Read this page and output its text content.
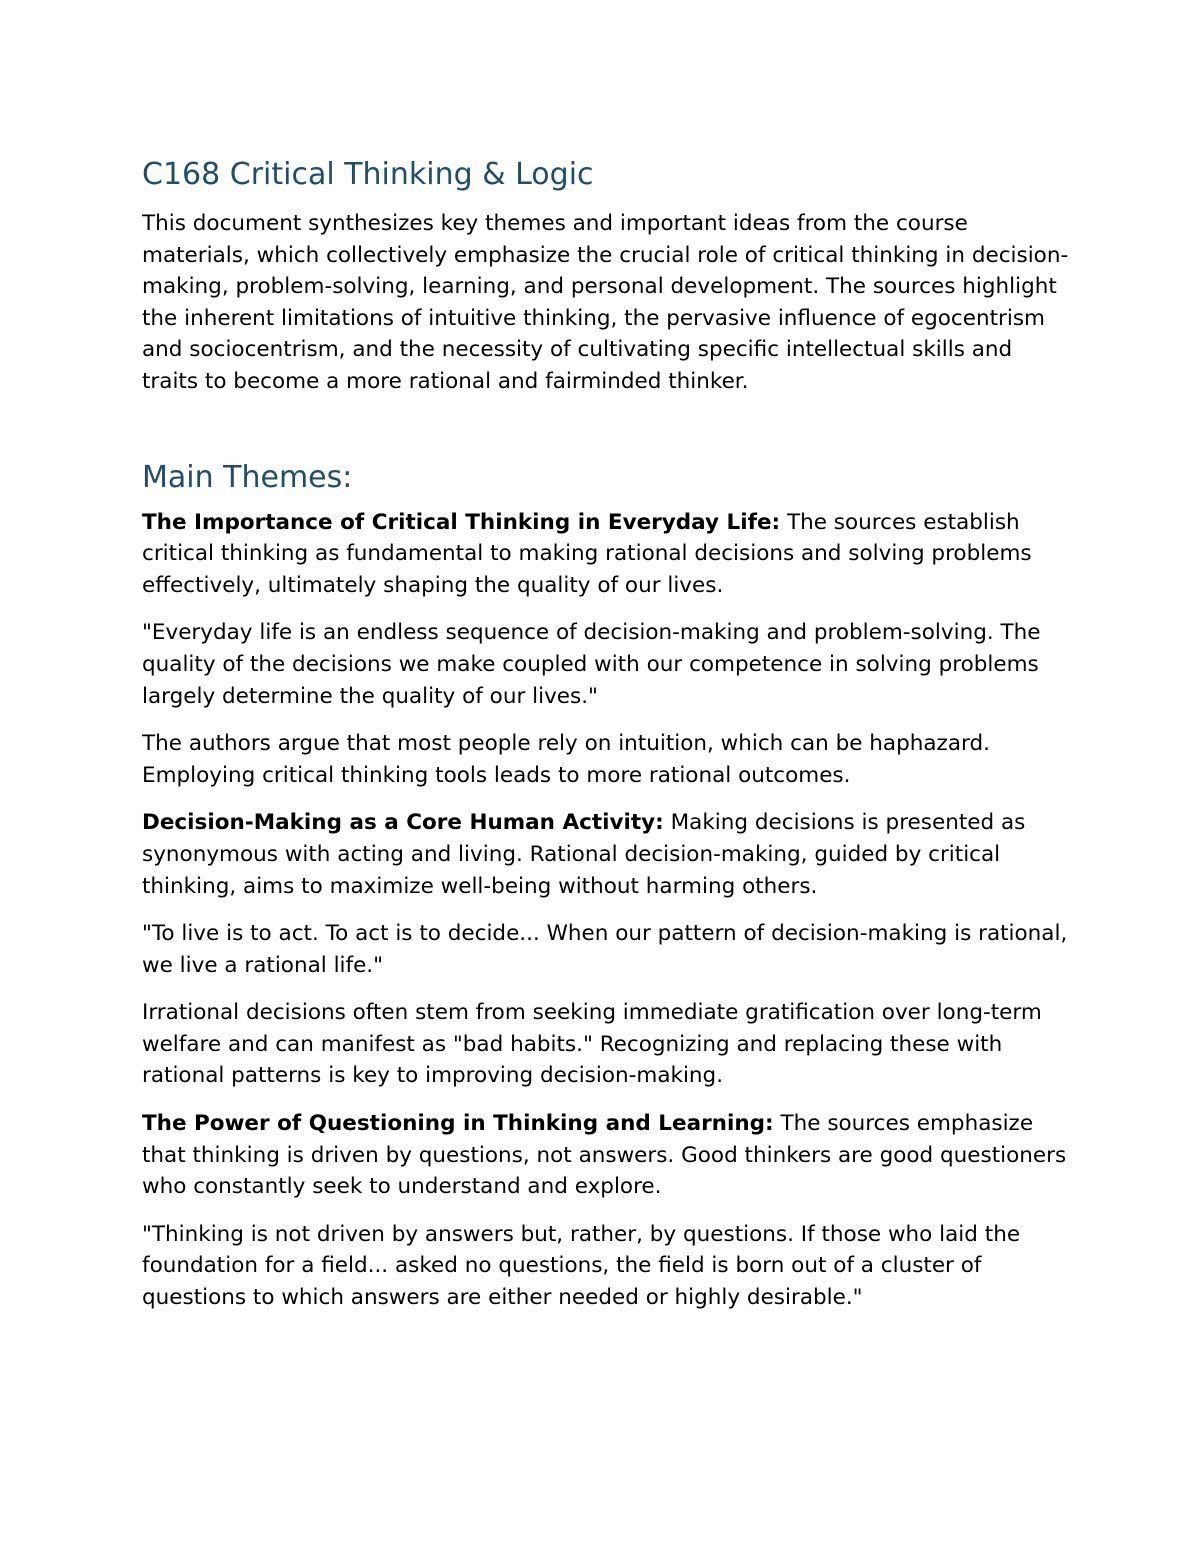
C168 Critical Thinking & Logic

This document synthesizes key themes and important ideas from the course materials, which collectively emphasize the crucial role of critical thinking in decision-making, problem-solving, learning, and personal development. The sources highlight the inherent limitations of intuitive thinking, the pervasive influence of egocentrism and sociocentrism, and the necessity of cultivating specific intellectual skills and traits to become a more rational and fairminded thinker.

Main Themes:

The Importance of Critical Thinking in Everyday Life: The sources establish critical thinking as fundamental to making rational decisions and solving problems effectively, ultimately shaping the quality of our lives.

"Everyday life is an endless sequence of decision-making and problem-solving. The quality of the decisions we make coupled with our competence in solving problems largely determine the quality of our lives."

The authors argue that most people rely on intuition, which can be haphazard. Employing critical thinking tools leads to more rational outcomes.

Decision-Making as a Core Human Activity: Making decisions is presented as synonymous with acting and living. Rational decision-making, guided by critical thinking, aims to maximize well-being without harming others.

"To live is to act. To act is to decide... When our pattern of decision-making is rational, we live a rational life."

Irrational decisions often stem from seeking immediate gratification over long-term welfare and can manifest as "bad habits." Recognizing and replacing these with rational patterns is key to improving decision-making.

The Power of Questioning in Thinking and Learning: The sources emphasize that thinking is driven by questions, not answers. Good thinkers are good questioners who constantly seek to understand and explore.

"Thinking is not driven by answers but, rather, by questions. If those who laid the foundation for a field... asked no questions, the field is born out of a cluster of questions to which answers are either needed or highly desirable."
